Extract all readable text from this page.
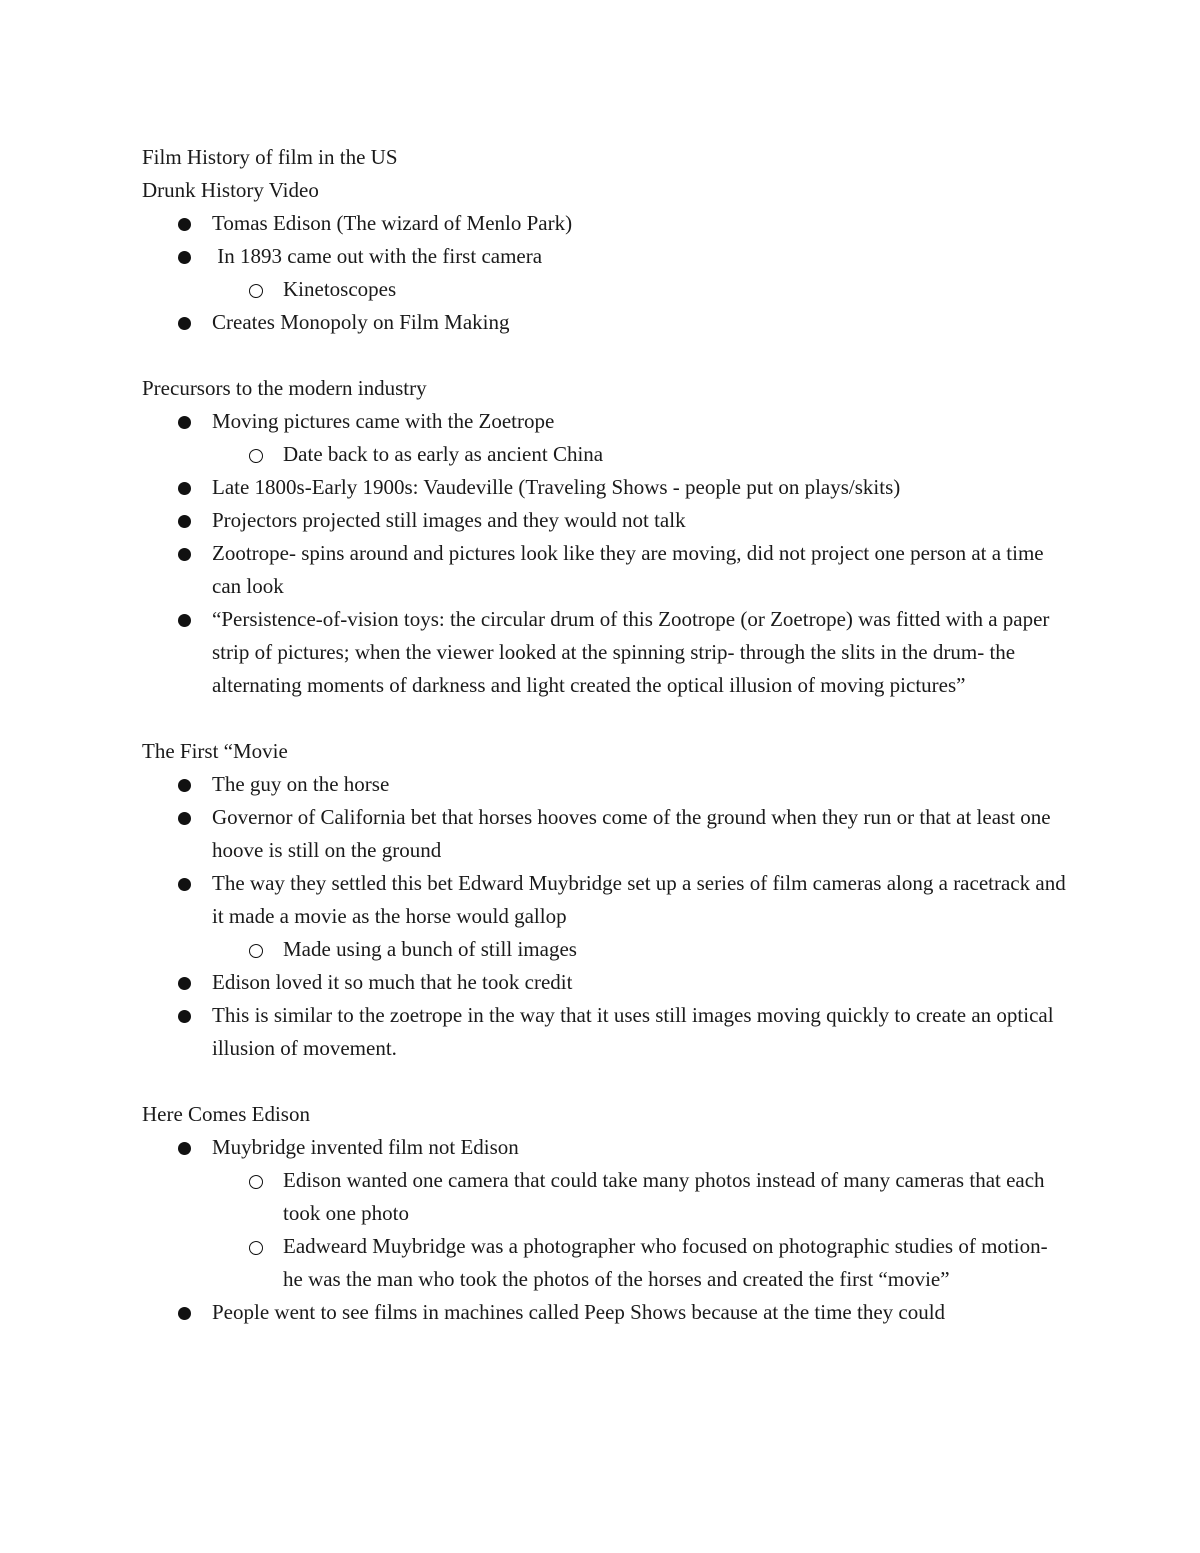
Film History of film in the US

Drunk History Video

Tomas Edison (The wizard of Menlo Park)
In 1893 came out with the first camera
Kinetoscopes
Creates Monopoly on Film Making

Precursors to the modern industry

Moving pictures came with the Zoetrope
Date back to as early as ancient China
Late 1800s-Early 1900s: Vaudeville (Traveling Shows - people put on plays/skits)
Projectors projected still images and they would not talk
Zootrope- spins around and pictures look like they are moving, did not project one person at a time can look
“Persistence-of-vision toys: the circular drum of this Zootrope (or Zoetrope) was fitted with a paper strip of pictures; when the viewer looked at the spinning strip- through the slits in the drum- the alternating moments of darkness and light created the optical illusion of moving pictures”

The First “Movie

The guy on the horse
Governor of California bet that horses hooves come of the ground when they run or that at least one hoove is still on the ground
The way they settled this bet Edward Muybridge set up a series of film cameras along a racetrack and it made a movie as the horse would gallop
Made using a bunch of still images
Edison loved it so much that he took credit
This is similar to the zoetrope in the way that it uses still images moving quickly to create an optical illusion of movement.

Here Comes Edison

Muybridge invented film not Edison
Edison wanted one camera that could take many photos instead of many cameras that each took one photo
Eadweard Muybridge was a photographer who focused on photographic studies of motion- he was the man who took the photos of the horses and created the first “movie”
People went to see films in machines called Peep Shows because at the time they could
